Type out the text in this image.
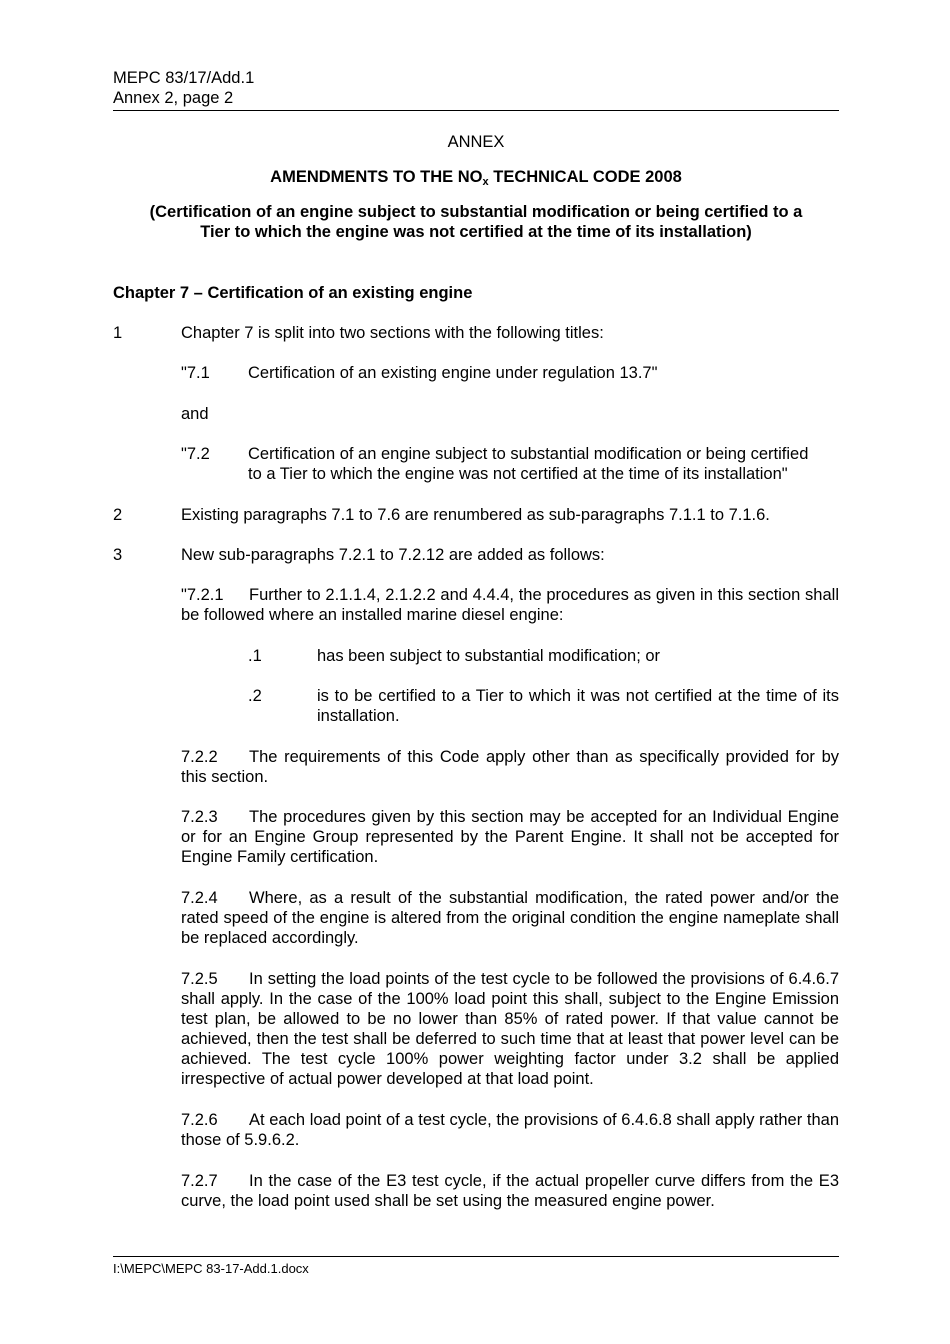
MEPC 83/17/Add.1
Annex 2, page 2
ANNEX
AMENDMENTS TO THE $NO_x$ TECHNICAL CODE 2008
(Certification of an engine subject to substantial modification or being certified to a
Tier to which the engine was not certified at the time of its installation)
Chapter 7 – Certification of an existing engine
1	Chapter 7 is split into two sections with the following titles:
"7.1 Certification of an existing engine under regulation 13.7"
and
"7.2 Certification of an engine subject to substantial modification or being certified
to a Tier to which the engine was not certified at the time of its installation"
2	Existing paragraphs 7.1 to 7.6 are renumbered as sub-paragraphs 7.1.1 to 7.1.6.
3	New sub-paragraphs 7.2.1 to 7.2.12 are added as follows:
"7.2.1 Further to 2.1.1.4, 2.1.2.2 and 4.4.4, the procedures as given in this section shall be followed where an installed marine diesel engine:
.1	has been subject to substantial modification; or
.2	is to be certified to a Tier to which it was not certified at the time of its installation.
7.2.2 The requirements of this Code apply other than as specifically provided for by this section.
7.2.3 The procedures given by this section may be accepted for an Individual Engine or for an Engine Group represented by the Parent Engine. It shall not be accepted for Engine Family certification.
7.2.4 Where, as a result of the substantial modification, the rated power and/or the rated speed of the engine is altered from the original condition the engine nameplate shall be replaced accordingly.
7.2.5 In setting the load points of the test cycle to be followed the provisions of 6.4.6.7 shall apply. In the case of the 100% load point this shall, subject to the Engine Emission test plan, be allowed to be no lower than 85% of rated power. If that value cannot be achieved, then the test shall be deferred to such time that at least that power level can be achieved. The test cycle 100% power weighting factor under 3.2 shall be applied irrespective of actual power developed at that load point.
7.2.6 At each load point of a test cycle, the provisions of 6.4.6.8 shall apply rather than those of 5.9.6.2.
7.2.7 In the case of the E3 test cycle, if the actual propeller curve differs from the E3 curve, the load point used shall be set using the measured engine power.
I:\MEPC\MEPC 83-17-Add.1.docx
